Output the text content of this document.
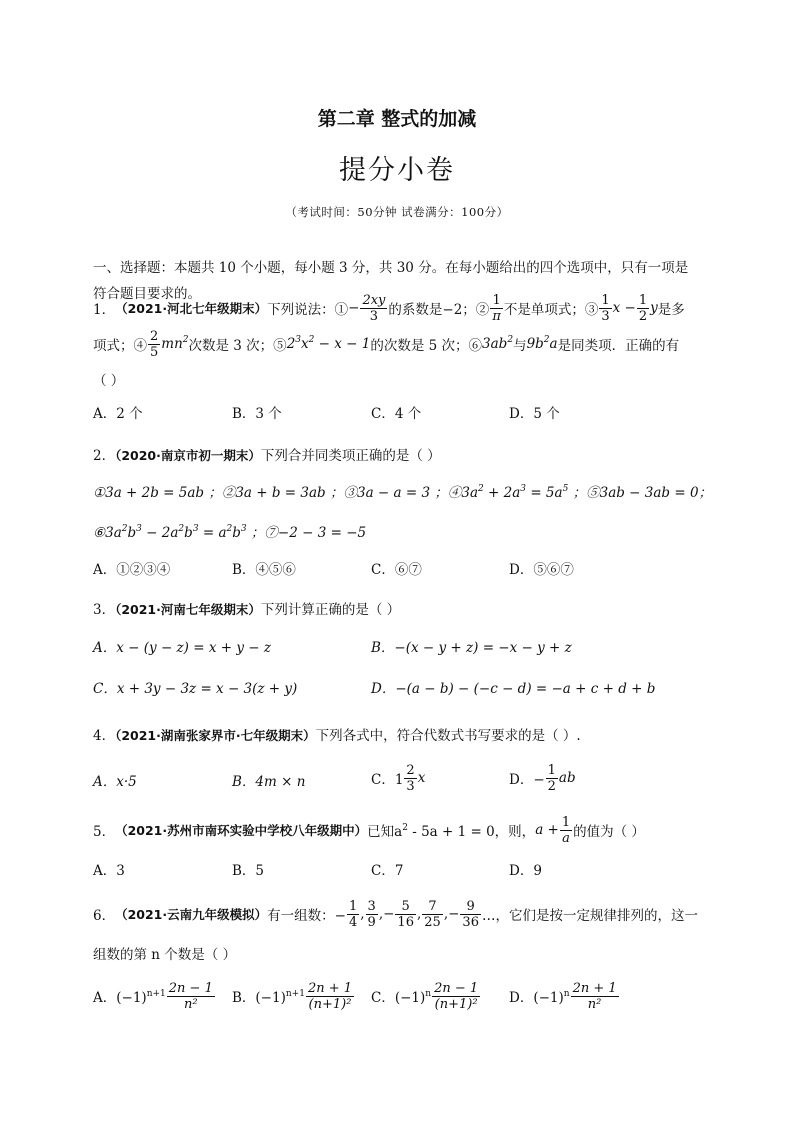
第二章 整式的加减
提分小卷
（考试时间：50分钟 试卷满分：100分）
一、选择题：本题共 10 个小题，每小题 3 分，共 30 分。在每小题给出的四个选项中，只有一项是
符合题目要求的。
1． （2021·河北七年级期末） 下列说法：① − $\frac{2xy}{3}$ 的系数是−2；② $\frac{1}{\pi}$ 不是单项式；③ $\frac{1}{3}$ $x - \frac{1}{2}$ y 是多
项式；④ $\frac{2}{5} mn^2$ 次数是 3 次；⑤ $2^3x^2 - x - 1$ 的次数是 5 次；⑥ $3ab^2$ 与 $9b^2a$ 是同类项．正确的有
（ ）
A．2 个	B．3 个	C．4 个	D．5 个
2．（2020·南京市初一期末）下列合并同类项正确的是（ ）
①3a + 2b = 5ab ；②3a + b = 3ab ；③3a − a = 3 ；$④3a^2 + 2a^3 = 5a^5$ ；⑤3ab − 3ab = 0；
$⑥3a^2b^3 - 2a^2b^3 = a^2b^3$ ；⑦−2 − 3 = −5
A．①②③④	B．④⑤⑥	C．⑥⑦	D．⑤⑥⑦
3．（2021·河南七年级期末）下列计算正确的是（ ）
A．x − (y − z) = x + y − z	B．−(x − y + z) = −x − y + z
C．x + 3y − 3z = x − 3(z + y)	D．−(a − b) − (−c − d) = −a + c + d + b
4．（2021·湖南张家界市·七年级期末）下列各式中，符合代数式书写要求的是（ ）.
A．x·5	B．4m × n	C．$1 \frac{2}{3}$ x	D．− $\frac{1}{2}$ ab
5． （2021·苏州市南环实验中学校八年级期中） 已知$a^2 - 5a + 1 = 0$，则， $a + \frac{1}{a}$ 的值为（ ）
A．3	B．5	C．7	D．9
6． （2021·云南九年级模拟） 有一组数：− $\frac{1}{4}$ , $\frac{3}{9}$ ,− $\frac{5}{16}$ , $\frac{7}{25}$ ,− $\frac{9}{36}$ …，它们是按一定规律排列的，这一
组数的第 n 个数是（ ）
A．$(-1)^{n+1} \frac{2n - 1}{\text{n²}}$ B．$(-1)^{n+1} \frac{2n + 1}{\text{(n+1)²}}$ C．$(-1)^n \frac{2n - 1}{\text{(n+1)²}}$ D．$(-1)^n \frac{2n + 1}{\text{n²}}$
